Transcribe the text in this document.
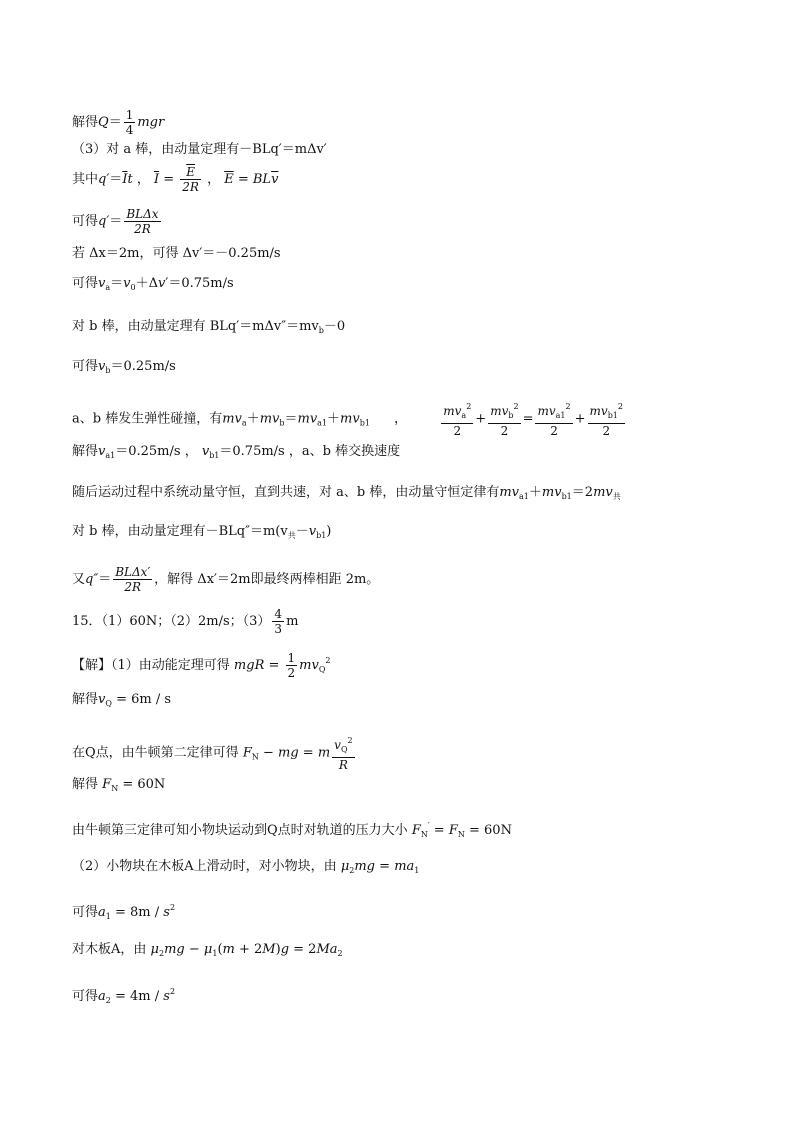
解得$Q= \frac{1}{4}$ mgr
（3）对 a 棒，由动量定理有－BLq′＝mΔv′
其中$q'=\overline{I}t$ ， $\overline{I} = \frac{\overline{E}}{2R}$ ， $\overline{E} = BL\overline{v}$
可得$q'= \frac{\text{BLΔx}}{2R}$
若 Δx＝2m，可得 Δv′＝－0.25m/s
可得$v_a=v_0+\Delta v'=0.75m/s$
对 b 棒，由动量定理有 $BLq'=m\Delta v''=mv_b-0$
可得$v_b=0.25m/s$
a、b 棒发生弹性碰撞，有$mv_a+mv_b=mv_{a1}+mv_{b1}$ ，	$\frac{mv_a^2}{2} + \frac{mv_b^2}{2} = \frac{mv_{a1}^2}{2} + \frac{mv_{b1}^2}{2}$
解得$v_{a1}=0.25m/s$ ， $v_{b1}=0.75m/s$ ，a、b 棒交换速度
随后运动过程中系统动量守恒，直到共速，对 a、b 棒，由动量守恒定律有$mv_{a1}+mv_{b1}=2mv_共$
对 b 棒，由动量定理有$-BLq''=m(v_共-v_{b1})$
又$q''= \frac{\text{BLΔx′}}{2R}$ ，解得 Δx′＝2m即最终两棒相距 2m。
15．（1）60N；（2）2m/s；$(3) \frac{4}{3}$ m
【解】（1）由动能定理可得 mgR = $\frac{1}{2} mv_Q^2$
解得$v_Q = 6m / s$
在Q点，由牛顿第二定律可得 $F_N$ − mg = m $\frac{v_Q^2}{R}$
解得 $F_N = 60N$
由牛顿第三定律可知小物块运动到Q点时对轨道的压力大小 $F_N' = F_N = 60N$
（2）小物块在木板A上滑动时，对小物块，由 $\mu_2mg = ma_1$
可得$a_1 = 8m / s^2$
对木板A，由 $\mu_2mg - \mu_1(m + 2M)g = 2Ma_2$
可得$a_2 = 4m / s^2$
